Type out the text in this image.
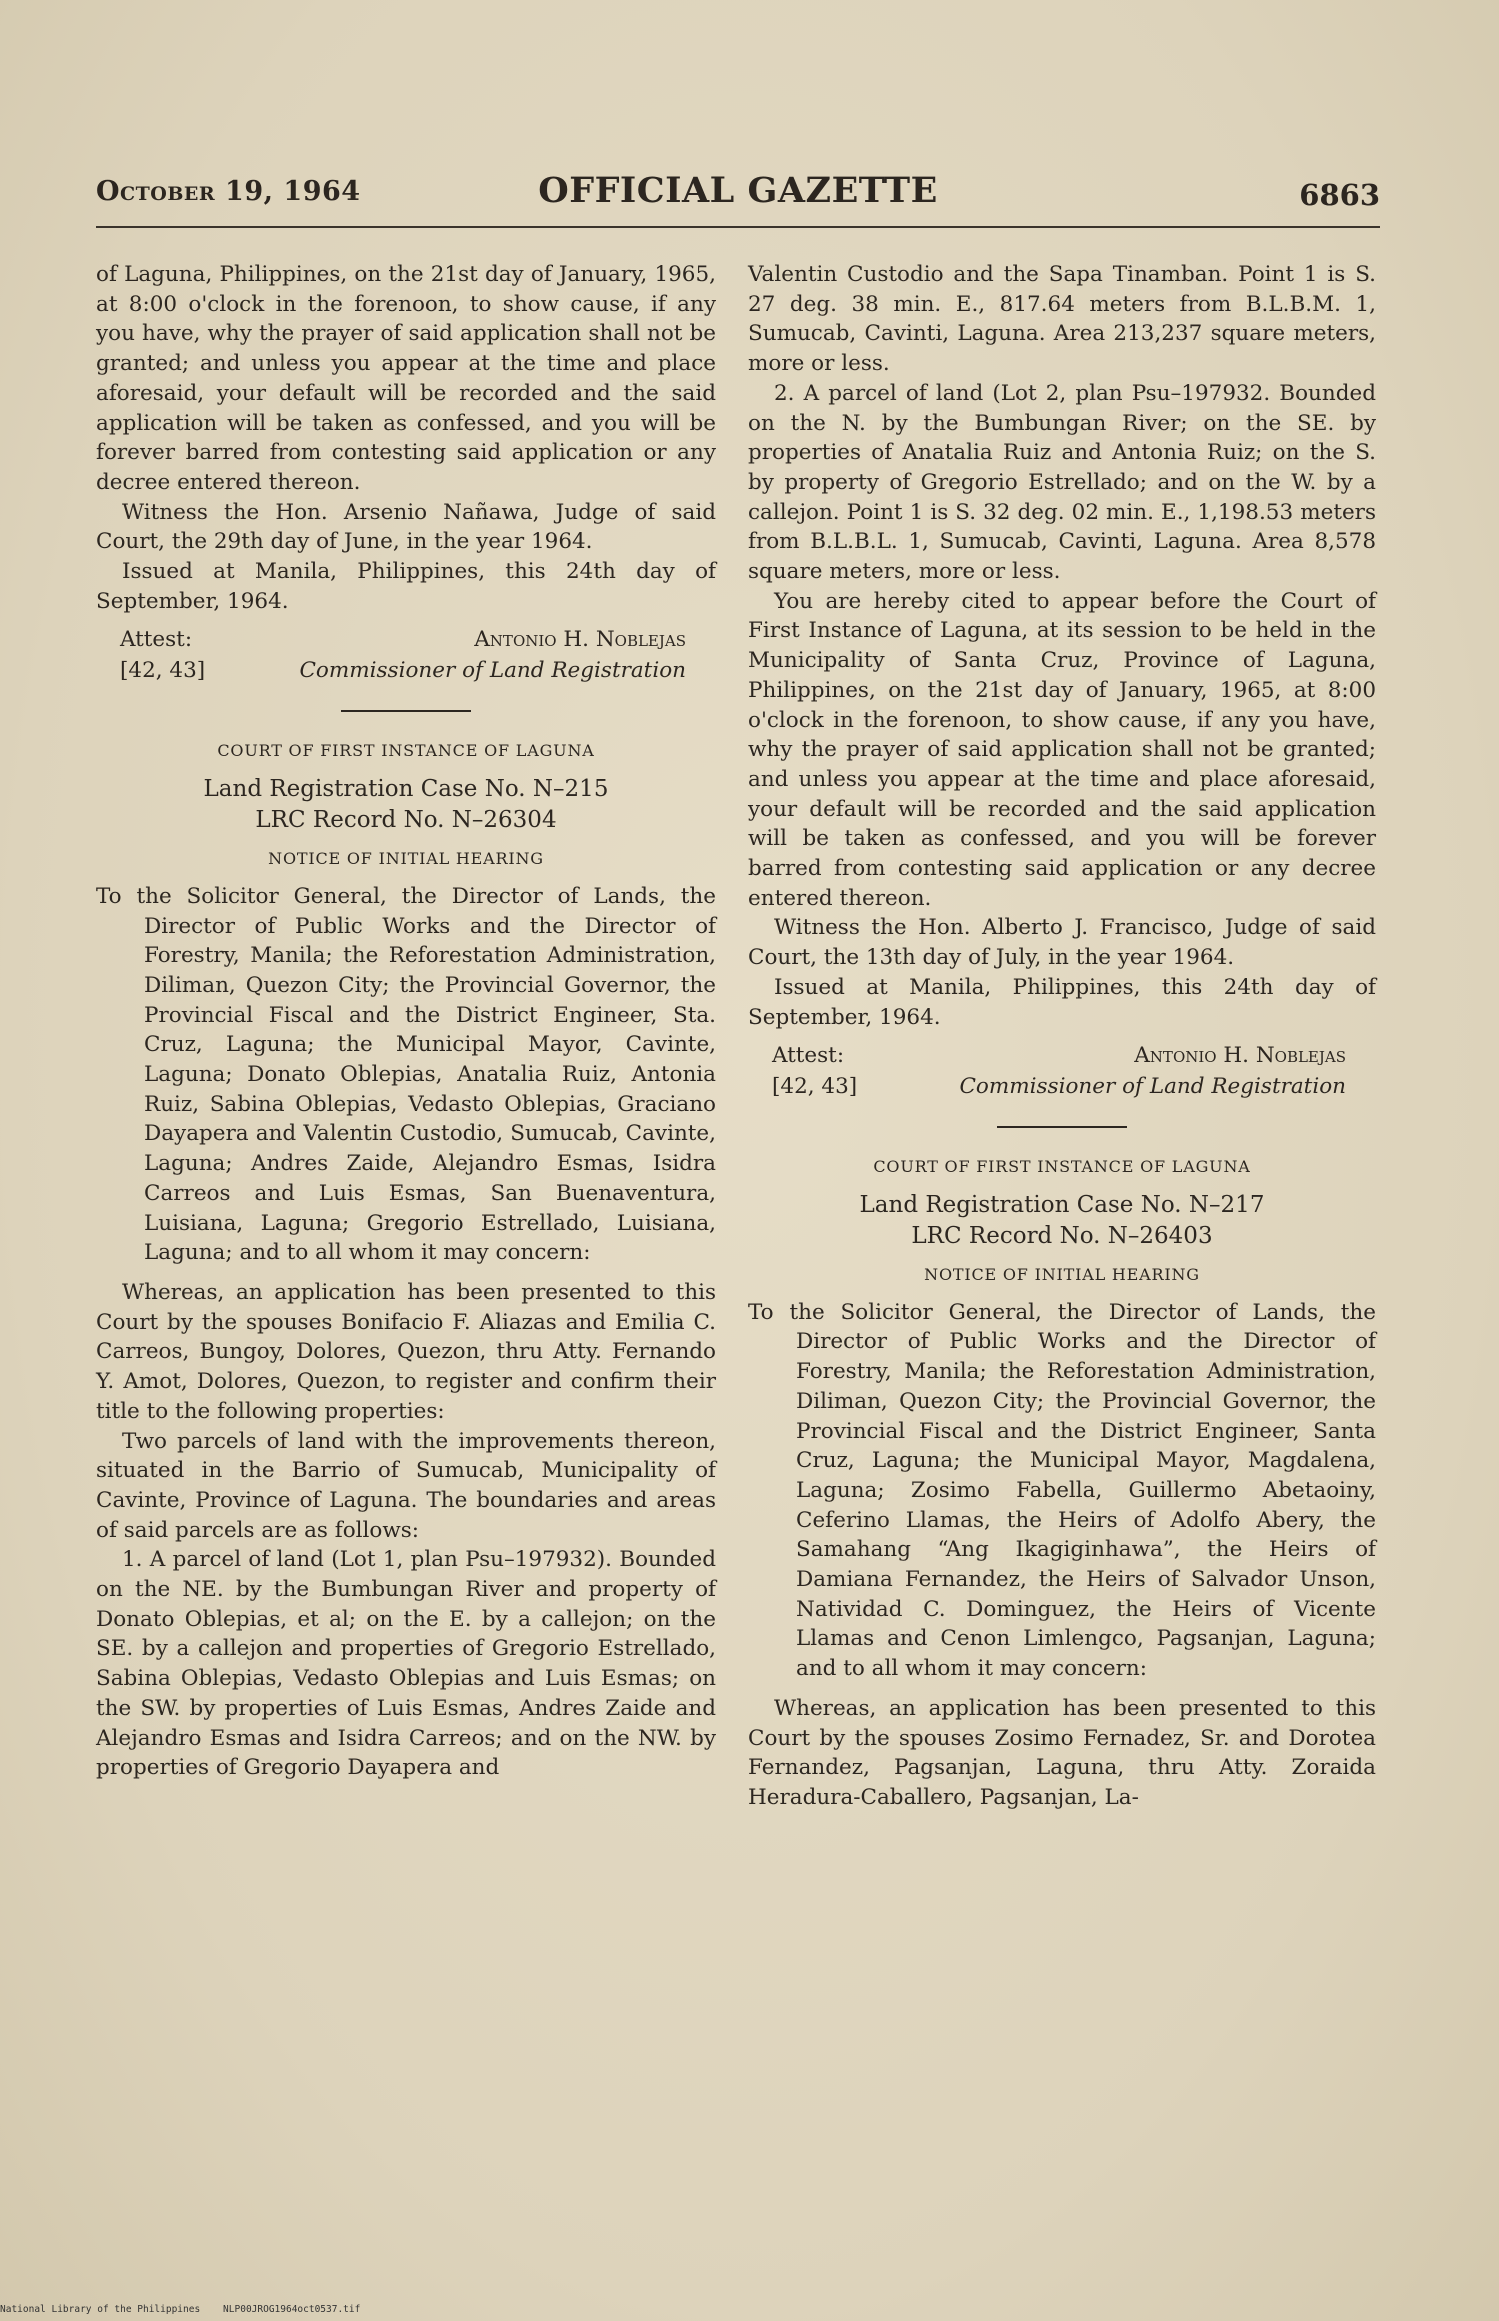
October 19, 1964	OFFICIAL GAZETTE	6863

of Laguna, Philippines, on the 21st day of January, 1965, at 8:00 o'clock in the forenoon, to show cause, if any you have, why the prayer of said application shall not be granted; and unless you appear at the time and place aforesaid, your default will be recorded and the said application will be taken as confessed, and you will be forever barred from contesting said application or any decree entered thereon.

Witness the Hon. Arsenio Nañawa, Judge of said Court, the 29th day of June, in the year 1964.

Issued at Manila, Philippines, this 24th day of September, 1964.

Attest:
[42, 43]
Antonio H. Noblejas
Commissioner of Land Registration

COURT OF FIRST INSTANCE OF LAGUNA

Land Registration Case No. N–215

LRC Record No. N–26304

NOTICE OF INITIAL HEARING

To the Solicitor General, the Director of Lands, the Director of Public Works and the Director of Forestry, Manila; the Reforestation Administration, Diliman, Quezon City; the Provincial Governor, the Provincial Fiscal and the District Engineer, Sta. Cruz, Laguna; the Municipal Mayor, Cavinte, Laguna; Donato Oblepias, Anatalia Ruiz, Antonia Ruiz, Sabina Oblepias, Vedasto Oblepias, Graciano Dayapera and Valentin Custodio, Sumucab, Cavinte, Laguna; Andres Zaide, Alejandro Esmas, Isidra Carreos and Luis Esmas, San Buenaventura, Luisiana, Laguna; Gregorio Estrellado, Luisiana, Laguna; and to all whom it may concern:

Whereas, an application has been presented to this Court by the spouses Bonifacio F. Aliazas and Emilia C. Carreos, Bungoy, Dolores, Quezon, thru Atty. Fernando Y. Amot, Dolores, Quezon, to register and confirm their title to the following properties:

Two parcels of land with the improvements thereon, situated in the Barrio of Sumucab, Municipality of Cavinte, Province of Laguna. The boundaries and areas of said parcels are as follows:

1. A parcel of land (Lot 1, plan Psu–197932). Bounded on the NE. by the Bumbungan River and property of Donato Oblepias, et al; on the E. by a callejon; on the SE. by a callejon and properties of Gregorio Estrellado, Sabina Oblepias, Vedasto Oblepias and Luis Esmas; on the SW. by properties of Luis Esmas, Andres Zaide and Alejandro Esmas and Isidra Carreos; and on the NW. by properties of Gregorio Dayapera and

Valentin Custodio and the Sapa Tinamban. Point 1 is S. 27 deg. 38 min. E., 817.64 meters from B.L.B.M. 1, Sumucab, Cavinti, Laguna. Area 213,237 square meters, more or less.

2. A parcel of land (Lot 2, plan Psu–197932. Bounded on the N. by the Bumbungan River; on the SE. by properties of Anatalia Ruiz and Antonia Ruiz; on the S. by property of Gregorio Estrellado; and on the W. by a callejon. Point 1 is S. 32 deg. 02 min. E., 1,198.53 meters from B.L.B.L. 1, Sumucab, Cavinti, Laguna. Area 8,578 square meters, more or less.

You are hereby cited to appear before the Court of First Instance of Laguna, at its session to be held in the Municipality of Santa Cruz, Province of Laguna, Philippines, on the 21st day of January, 1965, at 8:00 o'clock in the forenoon, to show cause, if any you have, why the prayer of said application shall not be granted; and unless you appear at the time and place aforesaid, your default will be recorded and the said application will be taken as confessed, and you will be forever barred from contesting said application or any decree entered thereon.

Witness the Hon. Alberto J. Francisco, Judge of said Court, the 13th day of July, in the year 1964.

Issued at Manila, Philippines, this 24th day of September, 1964.

Attest:
[42, 43]
Antonio H. Noblejas
Commissioner of Land Registration

COURT OF FIRST INSTANCE OF LAGUNA

Land Registration Case No. N–217

LRC Record No. N–26403

NOTICE OF INITIAL HEARING

To the Solicitor General, the Director of Lands, the Director of Public Works and the Director of Forestry, Manila; the Reforestation Administration, Diliman, Quezon City; the Provincial Governor, the Provincial Fiscal and the District Engineer, Santa Cruz, Laguna; the Municipal Mayor, Magdalena, Laguna; Zosimo Fabella, Guillermo Abetaoiny, Ceferino Llamas, the Heirs of Adolfo Abery, the Samahang “Ang Ikagiginhawa”, the Heirs of Damiana Fernandez, the Heirs of Salvador Unson, Natividad C. Dominguez, the Heirs of Vicente Llamas and Cenon Limlengco, Pagsanjan, Laguna; and to all whom it may concern:

Whereas, an application has been presented to this Court by the spouses Zosimo Fernadez, Sr. and Dorotea Fernandez, Pagsanjan, Laguna, thru Atty. Zoraida Heradura-Caballero, Pagsanjan, La-

National Library of the Philippines    NLP00JROG1964oct0537.tif
